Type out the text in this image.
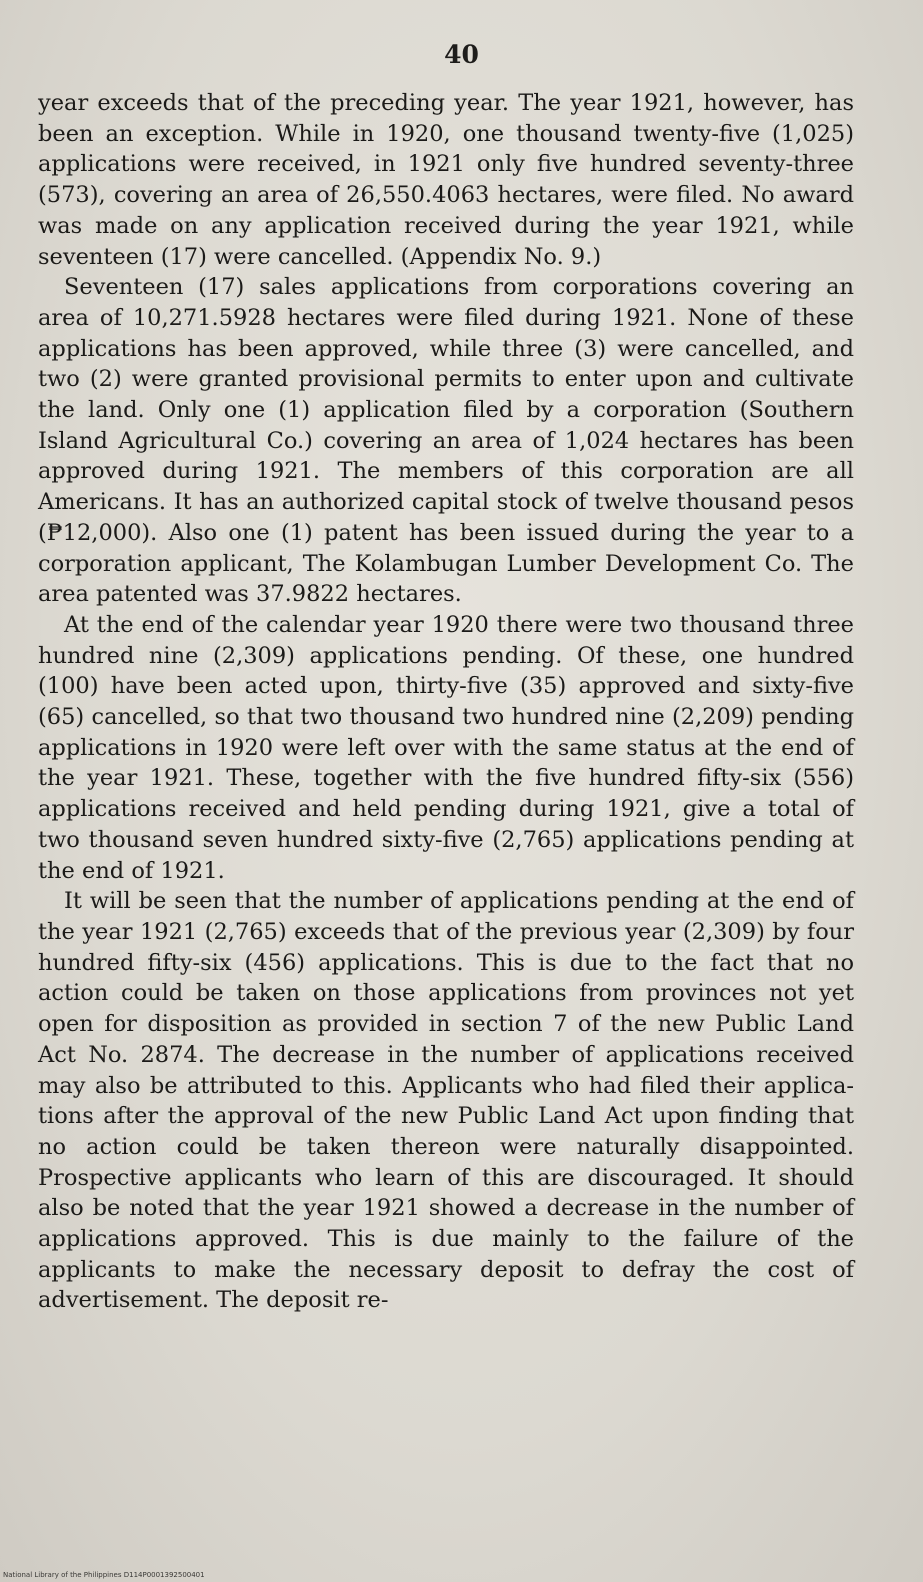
40

year exceeds that of the preceding year. The year 1921, however, has been an exception. While in 1920, one thousand twenty-five (1,025) applications were received, in 1921 only five hundred seventy-three (573), covering an area of 26,550.4063 hectares, were filed. No award was made on any application received during the year 1921, while seventeen (17) were cancelled. (Appendix No. 9.)

Seventeen (17) sales applications from corporations covering an area of 10,271.5928 hectares were filed during 1921. None of these applications has been approved, while three (3) were cancelled, and two (2) were granted provisional permits to enter upon and cultivate the land. Only one (1) application filed by a corporation (Southern Island Agricultural Co.) covering an area of 1,024 hectares has been approved during 1921. The members of this corporation are all Americans. It has an authorized capital stock of twelve thousand pesos (₱12,000). Also one (1) patent has been issued during the year to a corporation applicant, The Kolambugan Lumber Development Co. The area patented was 37.9822 hectares.

At the end of the calendar year 1920 there were two thousand three hundred nine (2,309) applications pending. Of these, one hundred (100) have been acted upon, thirty-five (35) approved and sixty-five (65) cancelled, so that two thousand two hundred nine (2,209) pending applications in 1920 were left over with the same status at the end of the year 1921. These, together with the five hundred fifty-six (556) applications received and held pending during 1921, give a total of two thousand seven hundred sixty-five (2,765) applications pending at the end of 1921.

It will be seen that the number of applications pending at the end of the year 1921 (2,765) exceeds that of the previous year (2,309) by four hundred fifty-six (456) applications. This is due to the fact that no action could be taken on those applications from provinces not yet open for disposition as provided in section 7 of the new Public Land Act No. 2874. The decrease in the number of applications received may also be attributed to this. Applicants who had filed their applications after the approval of the new Public Land Act upon finding that no action could be taken thereon were naturally disappointed. Prospective applicants who learn of this are discouraged. It should also be noted that the year 1921 showed a decrease in the number of applications approved. This is due mainly to the failure of the applicants to make the necessary deposit to defray the cost of advertisement. The deposit re-

National Library of the Philippines D114P0001392500401
